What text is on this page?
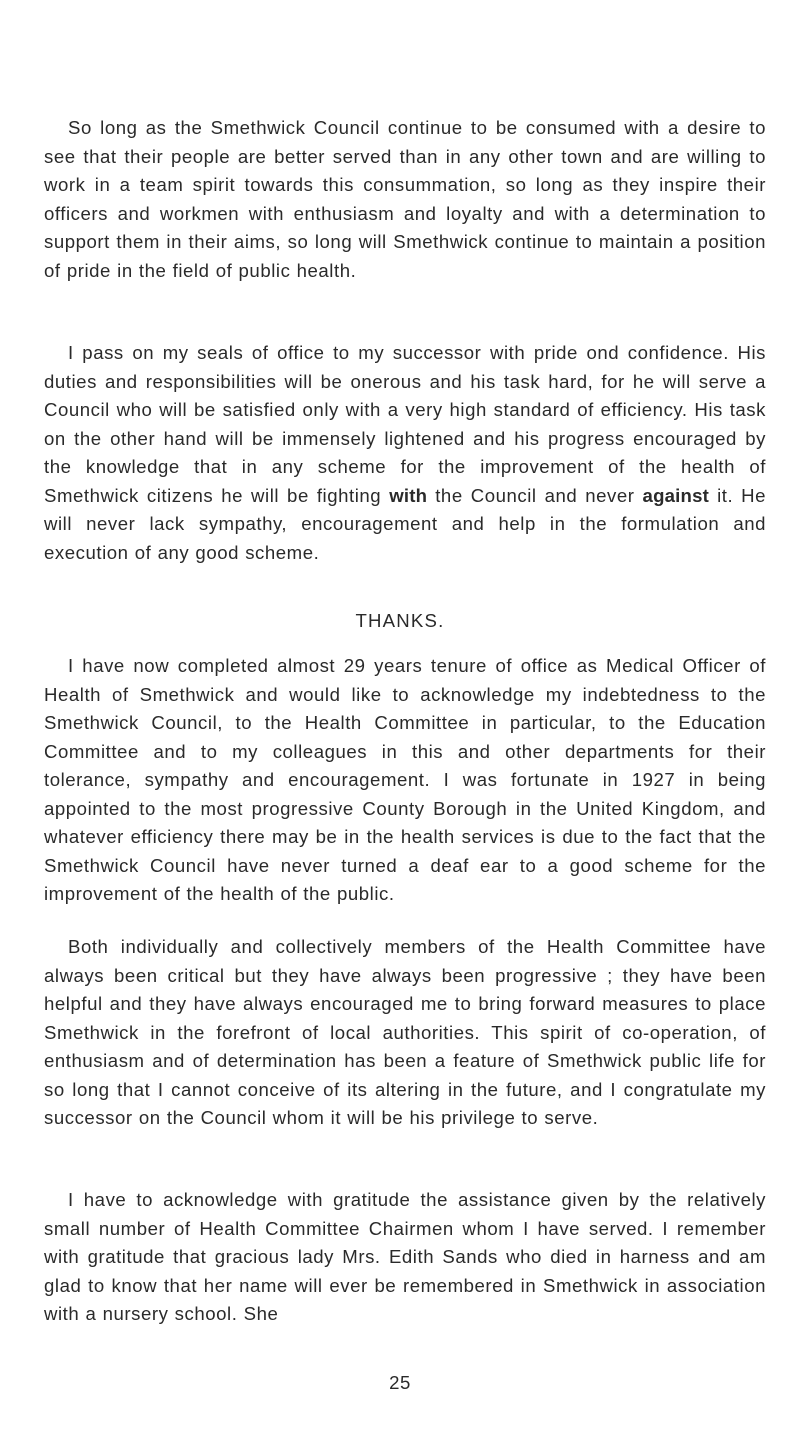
So long as the Smethwick Council continue to be consumed with a desire to see that their people are better served than in any other town and are willing to work in a team spirit towards this consummation, so long as they inspire their officers and workmen with enthusiasm and loyalty and with a determination to support them in their aims, so long will Smethwick continue to maintain a position of pride in the field of public health.

I pass on my seals of office to my successor with pride ond confidence. His duties and responsibilities will be onerous and his task hard, for he will serve a Council who will be satisfied only with a very high standard of efficiency. His task on the other hand will be immensely lightened and his progress encouraged by the knowledge that in any scheme for the improvement of the health of Smethwick citizens he will be fighting with the Council and never against it. He will never lack sympathy, encouragement and help in the formulation and execution of any good scheme.

THANKS.

I have now completed almost 29 years tenure of office as Medical Officer of Health of Smethwick and would like to acknowledge my indebtedness to the Smethwick Council, to the Health Committee in particular, to the Education Committee and to my colleagues in this and other departments for their tolerance, sympathy and encouragement. I was fortunate in 1927 in being appointed to the most progressive County Borough in the United Kingdom, and whatever efficiency there may be in the health services is due to the fact that the Smethwick Council have never turned a deaf ear to a good scheme for the improvement of the health of the public.

Both individually and collectively members of the Health Committee have always been critical but they have always been progressive ; they have been helpful and they have always encouraged me to bring forward measures to place Smethwick in the forefront of local authorities. This spirit of co-operation, of enthusiasm and of determination has been a feature of Smethwick public life for so long that I cannot conceive of its altering in the future, and I congratulate my successor on the Council whom it will be his privilege to serve.

I have to acknowledge with gratitude the assistance given by the relatively small number of Health Committee Chairmen whom I have served. I remember with gratitude that gracious lady Mrs. Edith Sands who died in harness and am glad to know that her name will ever be remembered in Smethwick in association with a nursery school. She

25
